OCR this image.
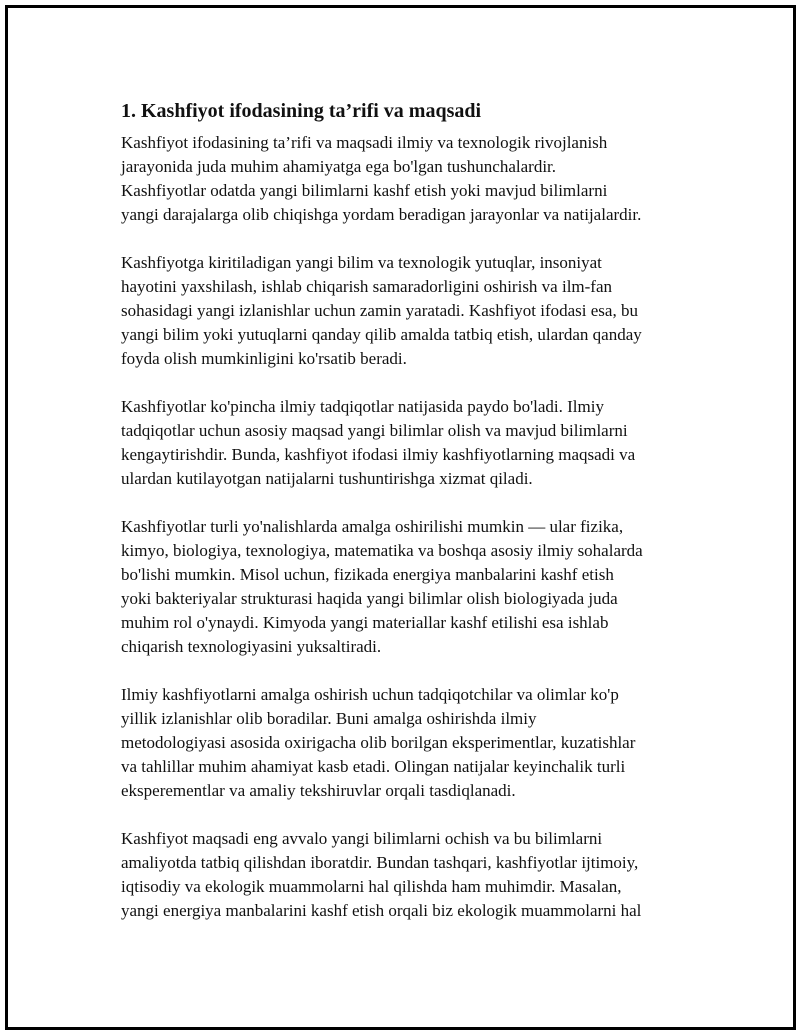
1. Kashfiyot ifodasining ta’rifi va maqsadi

Kashfiyot ifodasining ta’rifi va maqsadi ilmiy va texnologik rivojlanish
jarayonida juda muhim ahamiyatga ega bo'lgan tushunchalardir.
Kashfiyotlar odatda yangi bilimlarni kashf etish yoki mavjud bilimlarni
yangi darajalarga olib chiqishga yordam beradigan jarayonlar va natijalardir.

Kashfiyotga kiritiladigan yangi bilim va texnologik yutuqlar, insoniyat
hayotini yaxshilash, ishlab chiqarish samaradorligini oshirish va ilm-fan
sohasidagi yangi izlanishlar uchun zamin yaratadi. Kashfiyot ifodasi esa, bu
yangi bilim yoki yutuqlarni qanday qilib amalda tatbiq etish, ulardan qanday
foyda olish mumkinligini ko'rsatib beradi.

Kashfiyotlar ko'pincha ilmiy tadqiqotlar natijasida paydo bo'ladi. Ilmiy
tadqiqotlar uchun asosiy maqsad yangi bilimlar olish va mavjud bilimlarni
kengaytirishdir. Bunda, kashfiyot ifodasi ilmiy kashfiyotlarning maqsadi va
ulardan kutilayotgan natijalarni tushuntirishga xizmat qiladi.

Kashfiyotlar turli yo'nalishlarda amalga oshirilishi mumkin — ular fizika,
kimyo, biologiya, texnologiya, matematika va boshqa asosiy ilmiy sohalarda
bo'lishi mumkin. Misol uchun, fizikada energiya manbalarini kashf etish
yoki bakteriyalar strukturasi haqida yangi bilimlar olish biologiyada juda
muhim rol o'ynaydi. Kimyoda yangi materiallar kashf etilishi esa ishlab
chiqarish texnologiyasini yuksaltiradi.

Ilmiy kashfiyotlarni amalga oshirish uchun tadqiqotchilar va olimlar ko'p
yillik izlanishlar olib boradilar. Buni amalga oshirishda ilmiy
metodologiyasi asosida oxirigacha olib borilgan eksperimentlar, kuzatishlar
va tahlillar muhim ahamiyat kasb etadi. Olingan natijalar keyinchalik turli
eksperementlar va amaliy tekshiruvlar orqali tasdiqlanadi.

Kashfiyot maqsadi eng avvalo yangi bilimlarni ochish va bu bilimlarni
amaliyotda tatbiq qilishdan iboratdir. Bundan tashqari, kashfiyotlar ijtimoiy,
iqtisodiy va ekologik muammolarni hal qilishda ham muhimdir. Masalan,
yangi energiya manbalarini kashf etish orqali biz ekologik muammolarni hal
